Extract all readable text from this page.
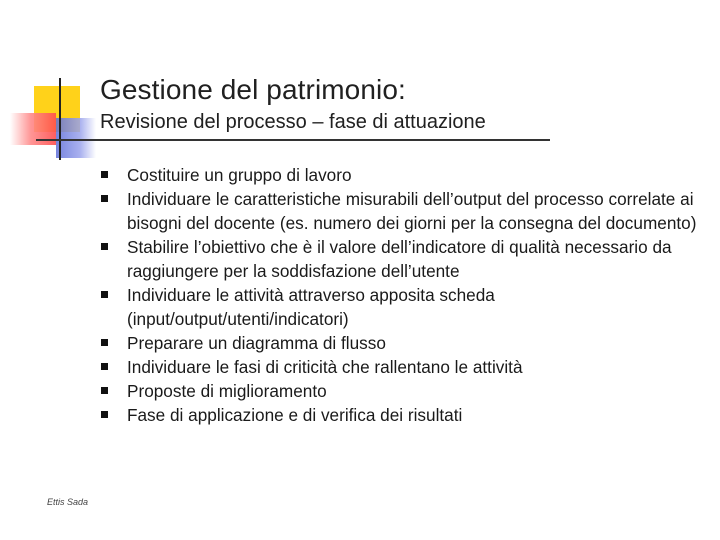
Gestione del patrimonio:
Revisione del processo – fase di attuazione
Costituire un gruppo di lavoro
Individuare le caratteristiche misurabili dell’output del processo correlate ai bisogni del docente (es. numero dei giorni per la consegna del documento)
Stabilire l’obiettivo che è il valore dell’indicatore di qualità necessario da raggiungere per la soddisfazione dell’utente
Individuare le attività attraverso apposita scheda (input/output/utenti/indicatori)
Preparare un diagramma di flusso
Individuare le fasi di criticità che rallentano le attività
Proposte di miglioramento
Fase di applicazione e di verifica dei risultati
Ettis Sada
